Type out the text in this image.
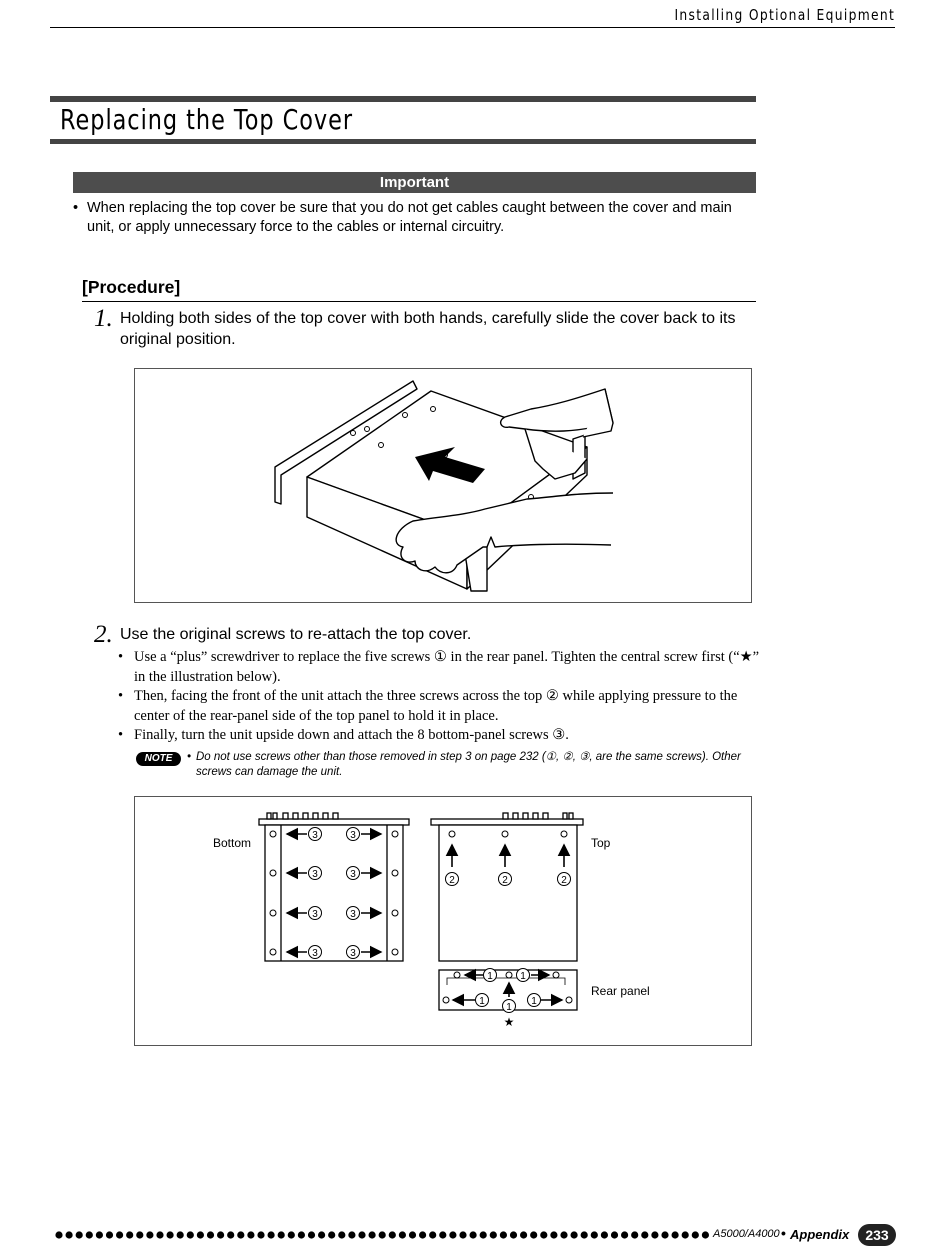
Installing Optional Equipment
Replacing the Top Cover
Important
• When replacing the top cover be sure that you do not get cables caught between the cover and main unit, or apply unnecessary force to the cables or internal circuitry.
[Procedure]
1. Holding both sides of the top cover with both hands, carefully slide the cover back to its original position.
2. Use the original screws to re-attach the top cover.
• Use a “plus” screwdriver to replace the five screws ① in the rear panel. Tighten the central screw first (“★” in the illustration below).
• Then, facing the front of the unit attach the three screws across the top ② while applying pressure to the center of the rear-panel side of the top panel to hold it in place.
• Finally, turn the unit upside down and attach the 8 bottom-panel screws ③.
NOTE	• Do not use screws other than those removed in step 3 on page 232 (①, ②, ③, are the same screws). Other screws can damage the unit.
Bottom	Top
Rear panel
3	3
3	3
3	3
3	3
2	2	2
1	1
1	1
1
★
A5000/A4000 • Appendix	233
